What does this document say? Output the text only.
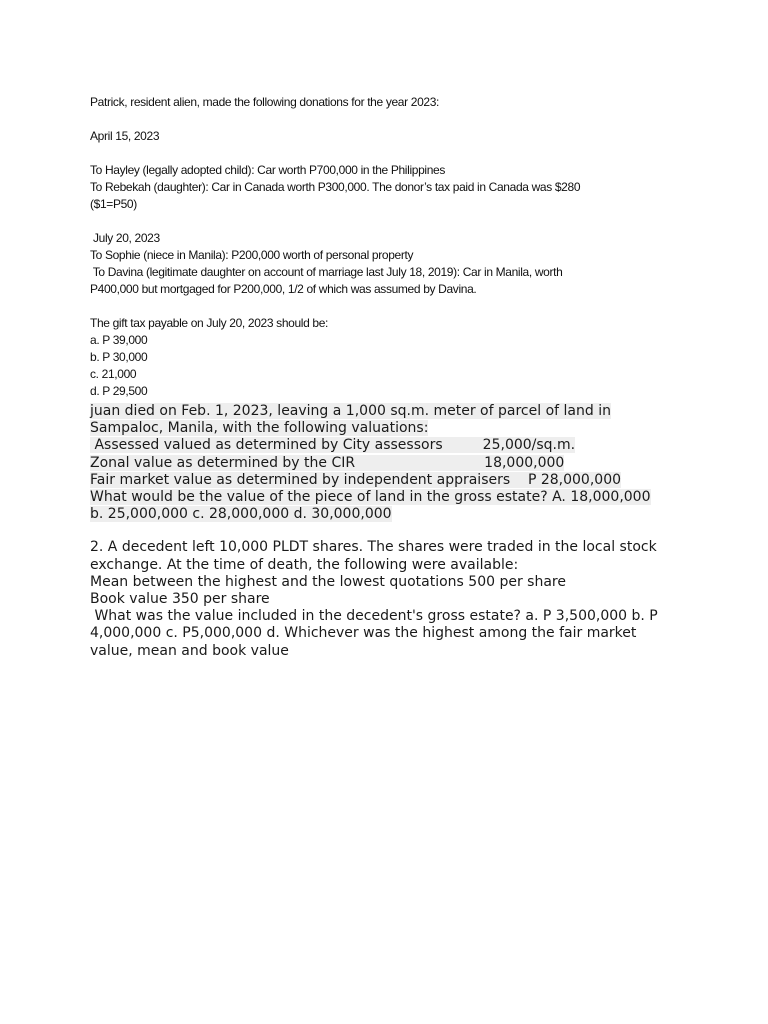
Patrick, resident alien, made the following donations for the year 2023:

April 15, 2023

To Hayley (legally adopted child): Car worth P700,000 in the Philippines

To Rebekah (daughter): Car in Canada worth P300,000. The donor’s tax paid in Canada was $280

($1=P50)

July 20, 2023

To Sophie (niece in Manila): P200,000 worth of personal property

To Davina (legitimate daughter on account of marriage last July 18, 2019): Car in Manila, worth

P400,000 but mortgaged for P200,000, 1/2 of which was assumed by Davina.

The gift tax payable on July 20, 2023 should be:

a. P 39,000

b. P 30,000

c. 21,000

d. P 29,500

juan died on Feb. 1, 2023, leaving a 1,000 sq.m. meter of parcel of land in

Sampaloc, Manila, with the following valuations:

Assessed valued as determined by City assessors         25,000/sq.m.

Zonal value as determined by the CIR                             18,000,000

Fair market value as determined by independent appraisers    P 28,000,000

What would be the value of the piece of land in the gross estate? A. 18,000,000

b. 25,000,000 c. 28,000,000 d. 30,000,000

2. A decedent left 10,000 PLDT shares. The shares were traded in the local stock

exchange. At the time of death, the following were available:

Mean between the highest and the lowest quotations 500 per share

Book value 350 per share

What was the value included in the decedent's gross estate? a. P 3,500,000 b. P

4,000,000 c. P5,000,000 d. Whichever was the highest among the fair market

value, mean and book value
